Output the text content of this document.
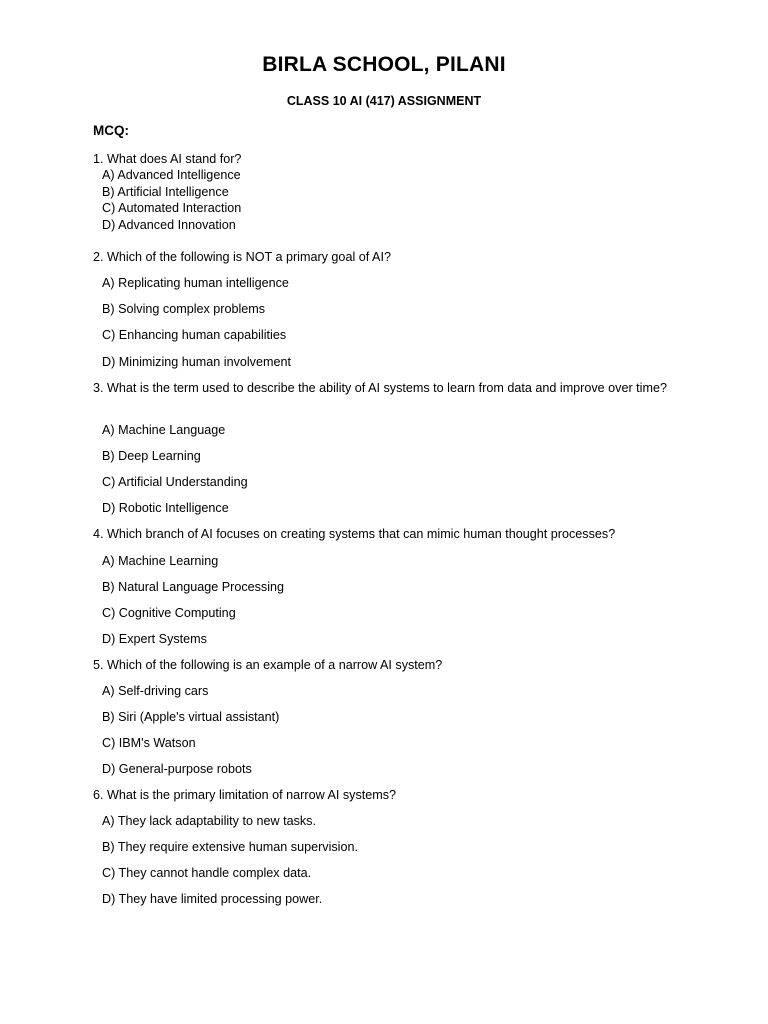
BIRLA SCHOOL, PILANI
CLASS 10 AI (417) ASSIGNMENT
MCQ:
1. What does AI stand for?
A) Advanced Intelligence
B) Artificial Intelligence
C) Automated Interaction
D) Advanced Innovation
2. Which of the following is NOT a primary goal of AI?
A) Replicating human intelligence
B) Solving complex problems
C) Enhancing human capabilities
D) Minimizing human involvement
3. What is the term used to describe the ability of AI systems to learn from data and improve over time?
A) Machine Language
B) Deep Learning
C) Artificial Understanding
D) Robotic Intelligence
4. Which branch of AI focuses on creating systems that can mimic human thought processes?
A) Machine Learning
B) Natural Language Processing
C) Cognitive Computing
D) Expert Systems
5. Which of the following is an example of a narrow AI system?
A) Self-driving cars
B) Siri (Apple's virtual assistant)
C) IBM's Watson
D) General-purpose robots
6. What is the primary limitation of narrow AI systems?
A) They lack adaptability to new tasks.
B) They require extensive human supervision.
C) They cannot handle complex data.
D) They have limited processing power.
